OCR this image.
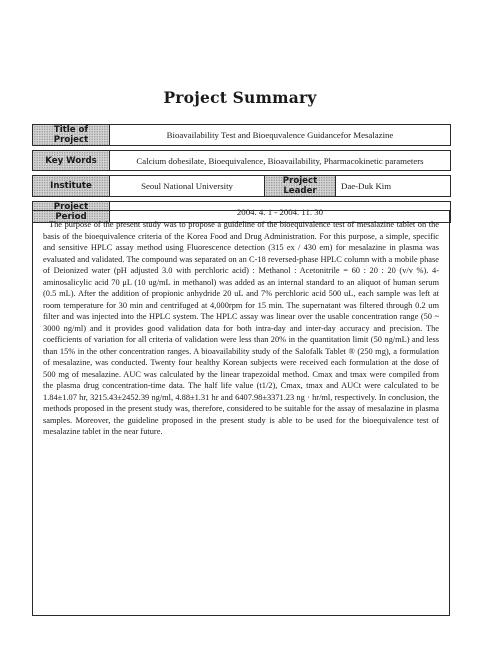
Project Summary
Title of Project	Bioavailability Test and Bioequvalence Guidancefor Mesalazine		

Key Words	Calcium dobesilate, Bioequivalence, Bioavailability, Pharmacokinetic parameters		

Institute	Seoul National University	Project Leader	Dae-Duk Kim

Project Period	2004. 4. 1 - 2004. 11. 30		

The purpose of the present study was to propose a guideline of the bioequivalence test of mesalazine tablet on the basis of the bioequivalence criteria of the Korea Food and Drug Administration. For this purpose, a simple, specific and sensitive HPLC assay method using Fluorescence detection (315 ex / 430 em) for mesalazine in plasma was evaluated and validated. The compound was separated on an C-18 reversed-phase HPLC column with a mobile phase of Deionized water (pH adjusted 3.0 with perchloric acid) : Methanol : Acetonitrile = 60 : 20 : 20 (v/v %). 4-aminosalicylic acid 70 μL (10 ug/mL in methanol) was added as an internal standard to an aliquot of human serum (0.5 mL). After the addition of propionic anhydride 20 uL and 7% perchloric acid 500 uL, each sample was left at room temperature for 30 min and centrifuged at 4,000rpm for 15 min. The supernatant was filtered through 0.2 um filter and was injected into the HPLC system. The HPLC assay was linear over the usable concentration range (50 ~ 3000 ng/ml) and it provides good validation data for both intra-day and inter-day accuracy and precision. The coefficients of variation for all criteria of validation were less than 20% in the quantitation limit (50 ng/mL) and less than 15% in the other concentration ranges. A bioavailability study of the Salofalk Tablet ® (250 mg), a formulation of mesalazine, was conducted. Twenty four healthy Korean subjects were received each formulation at the dose of 500 mg of mesalazine. AUC was calculated by the linear trapezoidal method. Cmax and tmax were compiled from the plasma drug concentration-time data. The half life value (t1/2), Cmax, tmax and AUCt were calculated to be 1.84±1.07 hr, 3215.43±2452.39 ng/ml, 4.88±1.31 hr and 6407.98±3371.23 ng · hr/ml, respectively. In conclusion, the methods proposed in the present study was, therefore, considered to be suitable for the assay of mesalazine in plasma samples. Moreover, the guideline proposed in the present study is able to be used for the bioequivalence test of mesalazine tablet in the near future.
